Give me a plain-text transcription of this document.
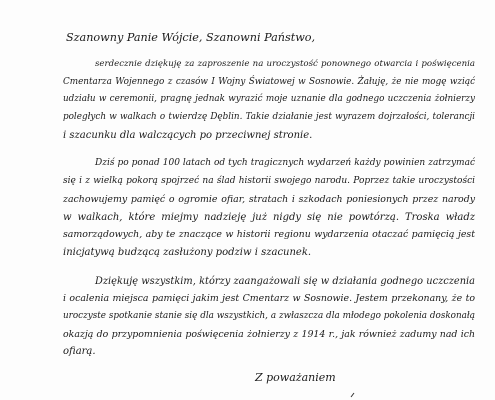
Szanowny Panie Wójcie, Szanowni Państwo,

serdecznie dziękuję za zaproszenie na uroczystość ponownego otwarcia i poświęcenia
Cmentarza Wojennego z czasów I Wojny Światowej w Sosnowie. Żałuję, że nie mogę wziąć
udziału w ceremonii, pragnę jednak wyrazić moje uznanie dla godnego uczczenia żołnierzy
poległych w walkach o twierdzę Dęblin. Takie działanie jest wyrazem dojrzałości, tolerancji
i szacunku dla walczących po przeciwnej stronie.

Dziś po ponad 100 latach od tych tragicznych wydarzeń każdy powinien zatrzymać
się i z wielką pokorą spojrzeć na ślad historii swojego narodu. Poprzez takie uroczystości
zachowujemy pamięć o ogromie ofiar, stratach i szkodach poniesionych przez narody
w walkach, które miejmy nadzieję już nigdy się nie powtórzą. Troska władz
samorządowych, aby te znaczące w historii regionu wydarzenia otaczać pamięcią jest
inicjatywą budzącą zasłużony podziw i szacunek.

Dziękuję wszystkim, którzy zaangażowali się w działania godnego uczczenia
i ocalenia miejsca pamięci jakim jest Cmentarz w Sosnowie. Jestem przekonany, że to
uroczyste spotkanie stanie się dla wszystkich, a zwłaszcza dla młodego pokolenia doskonałą
okazją do przypomnienia poświęcenia żołnierzy z 1914 r., jak również zadumy nad ich
ofiarą.

Z poważaniem
